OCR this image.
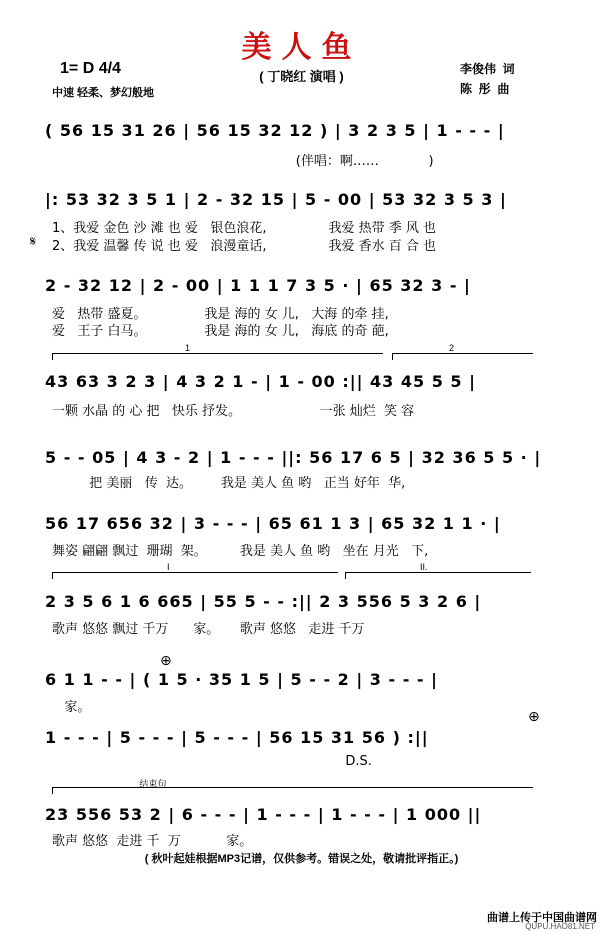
美人鱼
( 丁晓红 演唱 )
1= D 4/4
中速 轻柔、梦幻般地
李俊伟  词
陈  彤  曲
( 56 15 31 26 | 56 15 32 12 ) | 3 2 3 5 | 1 - - - |
(伴唱：啊……            )
|: 53 32 3 5 1 | 2 - 32 15 | 5 - 00 | 53 32 3 5 3 |
1、我爱 金色 沙 滩 也 爱   银色浪花,               我爱 热带 季 风 也
𝄋 2、我爱 温馨 传 说 也 爱   浪漫童话,               我爱 香水 百 合 也
2 - 32 12 | 2 - 00 | 1 1 1 7 3 5 · | 65 32 3 - |
爱   热带 盛夏。              我是 海的 女 儿,   大海 的牵 挂,
爱   王子 白马。              我是 海的 女 儿,   海底 的奇 葩,
1	2
43 63 3 2 3 | 4 3 2 1 - | 1 - 00 :|| 43 45 5 5 |
一颗 水晶 的 心 把   快乐 抒发。                   一张 灿烂  笑 容
5 - - 05 | 4 3 - 2 | 1 - - - ||: 56 17 6 5 | 32 36 5 5 · |
把 美丽   传  达。       我是 美人 鱼 哟   正当 好年  华,
56 17 656 32 | 3 - - - | 65 61 1 3 | 65 32 1 1 · |
舞姿 翩翩 飘过  珊瑚  架。        我是 美人 鱼 哟   坐在 月光   下,
I	II.
2 3 5 6 1 6 665 | 55 5 - - :|| 2 3 556 5 3 2 6 |
歌声 悠悠 飘过 千万      家。     歌声 悠悠   走进 千万
⊕
6 1 1 - - | ( 1 5 · 35 1 5 | 5 - - 2 | 3 - - - |
家。
⊕
1 - - - | 5 - - - | 5 - - - | 56 15 31 56 ) :||
D.S.
结束句
23 556 53 2 | 6 - - - | 1 - - - | 1 - - - | 1 000 ||
歌声 悠悠  走进 千  万           家。
( 秋叶起娃根据MP3记谱，仅供参考。错误之处，敬请批评指正。)
曲谱上传于中国曲谱网
QUPU.HAO81.NET
